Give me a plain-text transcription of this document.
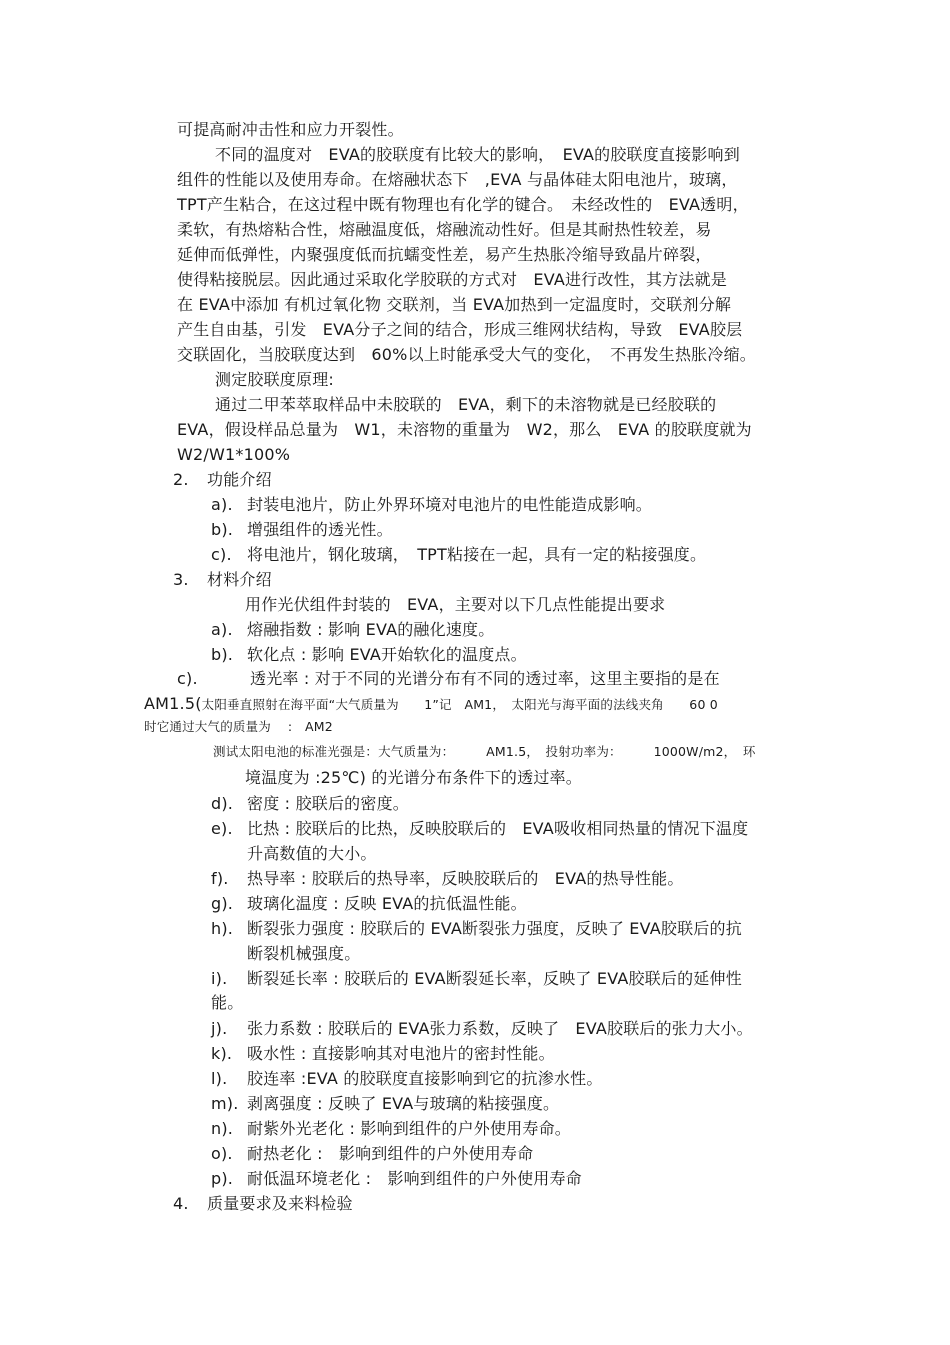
可提高耐冲击性和应力开裂性。
不同的温度对　EVA的胶联度有比较大的影响，　EVA的胶联度直接影响到
组件的性能以及使用寿命。在熔融状态下　,EVA 与晶体硅太阳电池片，玻璃，
TPT产生粘合，在这过程中既有物理也有化学的键合。　未经改性的　EVA透明，
柔软，有热熔粘合性，熔融温度低，熔融流动性好。但是其耐热性较差，易
延伸而低弹性，内聚强度低而抗蠕变性差，易产生热胀冷缩导致晶片碎裂，
使得粘接脱层。因此通过采取化学胶联的方式对　EVA进行改性，其方法就是
在 EVA中添加 有机过氧化物 交联剂，当 EVA加热到一定温度时，交联剂分解
产生自由基，引发　EVA分子之间的结合，形成三维网状结构，导致　EVA胶层
交联固化，当胶联度达到　60%以上时能承受大气的变化，　不再发生热胀冷缩。
测定胶联度原理:
通过二甲苯萃取样品中未胶联的　EVA，剩下的未溶物就是已经胶联的
EVA，假设样品总量为　W1，未溶物的重量为　W2，那么　EVA 的胶联度就为
W2/W1*100%
2. 功能介绍
a). 封装电池片，防止外界环境对电池片的电性能造成影响。
b). 增强组件的透光性。
c). 将电池片，钢化玻璃，　TPT粘接在一起，具有一定的粘接强度。
3. 材料介绍
用作光伏组件封装的　EVA，主要对以下几点性能提出要求
a). 熔融指数 : 影响 EVA的融化速度。
b). 软化点 : 影响 EVA开始软化的温度点。
c).	透光率 : 对于不同的光谱分布有不同的透过率，这里主要指的是在
AM1.5(太阳垂直照射在海平面“大气质量为　　1”记　AM1，　太阳光与海平面的法线夹角　　60 0
时它通过大气的质量为　 :　AM2
测试太阳电池的标准光强是：大气质量为：　　　AM1.5，　投射功率为：　　　1000W/m2，　环
境温度为 :25℃) 的光谱分布条件下的透过率。
d). 密度 : 胶联后的密度。
e). 比热 : 胶联后的比热，反映胶联后的　EVA吸收相同热量的情况下温度
升高数值的大小。
f). 热导率 : 胶联后的热导率，反映胶联后的　EVA的热导性能。
g). 玻璃化温度 : 反映 EVA的抗低温性能。
h). 断裂张力强度 : 胶联后的 EVA断裂张力强度，反映了 EVA胶联后的抗
断裂机械强度。
i). 断裂延长率 : 胶联后的 EVA断裂延长率，反映了 EVA胶联后的延伸性
能。
j). 张力系数 : 胶联后的 EVA张力系数，反映了　EVA胶联后的张力大小。
k). 吸水性 : 直接影响其对电池片的密封性能。
l). 胶连率 :EVA 的胶联度直接影响到它的抗渗水性。
m). 剥离强度 : 反映了 EVA与玻璃的粘接强度。
n). 耐紫外光老化 : 影响到组件的户外使用寿命。
o). 耐热老化 :　影响到组件的户外使用寿命
p). 耐低温环境老化 :　影响到组件的户外使用寿命
4. 质量要求及来料检验
